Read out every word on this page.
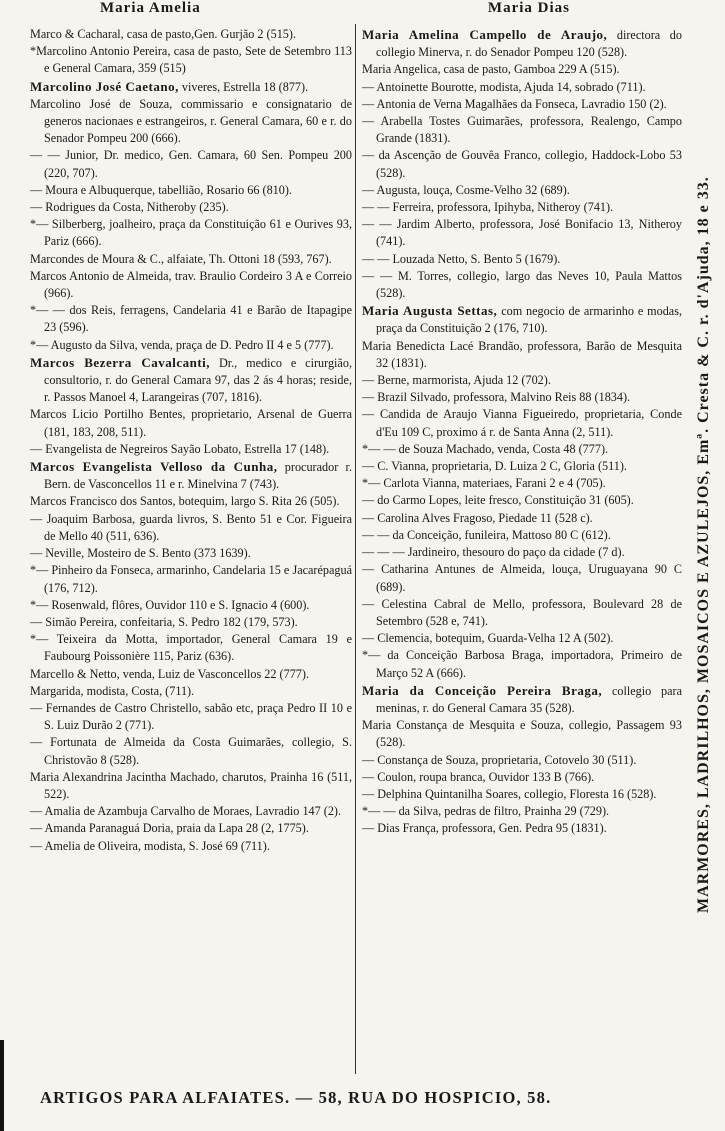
Maria Amelia	Maria Dias

Marco & Cacharal, casa de pasto,Gen. Gurjão 2 (515).

*Marcolino Antonio Pereira, casa de pasto, Sete de Setembro 113 e General Camara, 359 (515)

Marcolino José Caetano, viveres, Estrella 18 (877).

Marcolino José de Souza, commissario e consignatario de generos nacionaes e estrangeiros, r. General Camara, 60 e r. do Senador Pompeu 200 (666).

— — Junior, Dr. medico, Gen. Camara, 60 Sen. Pompeu 200 (220, 707).

— Moura e Albuquerque, tabellião, Rosario 66 (810).

— Rodrigues da Costa, Nitheroby (235).

*— Silberberg, joalheiro, praça da Constituição 61 e Ourives 93, Pariz (666).

Marcondes de Moura & C., alfaiate, Th. Ottoni 18 (593, 767).

Marcos Antonio de Almeida, trav. Braulio Cordeiro 3 A e Correio (966).

*— — dos Reis, ferragens, Candelaria 41 e Barão de Itapagipe 23 (596).

*— Augusto da Silva, venda, praça de D. Pedro II 4 e 5 (777).

Marcos Bezerra Cavalcanti, Dr., medico e cirurgião, consultorio, r. do General Camara 97, das 2 ás 4 horas; reside, r. Passos Manoel 4, Larangeiras (707, 1816).

Marcos Licio Portilho Bentes, proprietario, Arsenal de Guerra (181, 183, 208, 511).

— Evangelista de Negreiros Sayão Lobato, Estrella 17 (148).

Marcos Evangelista Velloso da Cunha, procurador r. Bern. de Vasconcellos 11 e r. Minelvina 7 (743).

Marcos Francisco dos Santos, botequim, largo S. Rita 26 (505).

— Joaquim Barbosa, guarda livros, S. Bento 51 e Cor. Figueira de Mello 40 (511, 636).

— Neville, Mosteiro de S. Bento (373 1639).

*— Pinheiro da Fonseca, armarinho, Candelaria 15 e Jacarépaguá (176, 712).

*— Rosenwald, flôres, Ouvidor 110 e S. Ignacio 4 (600).

— Simão Pereira, confeitaria, S. Pedro 182 (179, 573).

*— Teixeira da Motta, importador, General Camara 19 e Faubourg Poissonière 115, Pariz (636).

Marcello & Netto, venda, Luiz de Vasconcellos 22 (777).

Margarida, modista, Costa, (711).

— Fernandes de Castro Christello, sabão etc, praça Pedro II 10 e S. Luiz Durão 2 (771).

— Fortunata de Almeida da Costa Guimarães, collegio, S. Christovão 8 (528).

Maria Alexandrina Jacintha Machado, charutos, Prainha 16 (511, 522).

— Amalia de Azambuja Carvalho de Moraes, Lavradio 147 (2).

— Amanda Paranaguá Doria, praia da Lapa 28 (2, 1775).

— Amelia de Oliveira, modista, S. José 69 (711).

Maria Amelina Campello de Araujo, directora do collegio Minerva, r. do Senador Pompeu 120 (528).

Maria Angelica, casa de pasto, Gamboa 229 A (515).

— Antoinette Bourotte, modista, Ajuda 14, sobrado (711).

— Antonia de Verna Magalhães da Fonseca, Lavradio 150 (2).

— Arabella Tostes Guimarães, professora, Realengo, Campo Grande (1831).

— da Ascenção de Gouvêa Franco, collegio, Haddock-Lobo 53 (528).

— Augusta, louça, Cosme-Velho 32 (689).

— — Ferreira, professora, Ipihyba, Nitheroy (741).

— — Jardim Alberto, professora, José Bonifacio 13, Nitheroy (741).

— — Louzada Netto, S. Bento 5 (1679).

— — M. Torres, collegio, largo das Neves 10, Paula Mattos (528).

Maria Augusta Settas, com negocio de armarinho e modas, praça da Constituição 2 (176, 710).

Maria Benedicta Lacé Brandão, professora, Barão de Mesquita 32 (1831).

— Berne, marmorista, Ajuda 12 (702).

— Brazil Silvado, professora, Malvino Reis 88 (1834).

— Candida de Araujo Vianna Figueiredo, proprietaria, Conde d'Eu 109 C, proximo á r. de Santa Anna (2, 511).

*— — de Souza Machado, venda, Costa 48 (777).

— C. Vianna, proprietaria, D. Luiza 2 C, Gloria (511).

*— Carlota Vianna, materiaes, Farani 2 e 4 (705).

— do Carmo Lopes, leite fresco, Constituição 31 (605).

— Carolina Alves Fragoso, Piedade 11 (528 c).

— — da Conceição, funileira, Mattoso 80 C (612).

— — — Jardineiro, thesouro do paço da cidade (7 d).

— Catharina Antunes de Almeida, louça, Uruguayana 90 C (689).

— Celestina Cabral de Mello, professora, Boulevard 28 de Setembro (528 e, 741).

— Clemencia, botequim, Guarda-Velha 12 A (502).

*— da Conceição Barbosa Braga, importadora, Primeiro de Março 52 A (666).

Maria da Conceição Pereira Braga, collegio para meninas, r. do General Camara 35 (528).

Maria Constança de Mesquita e Souza, collegio, Passagem 93 (528).

— Constança de Souza, proprietaria, Cotovelo 30 (511).

— Coulon, roupa branca, Ouvidor 133 B (766).

— Delphina Quintanilha Soares, collegio, Floresta 16 (528).

*— — da Silva, pedras de filtro, Prainha 29 (729).

— Dias França, professora, Gen. Pedra 95 (1831).	MARMORES, LADRILHOS, MOSAICOS E AZULEJOS, Emª. Cresta & C. r. d'Ajuda, 18 e 33.
ARTIGOS PARA ALFAIATES. — 58, RUA DO HOSPICIO, 58.
